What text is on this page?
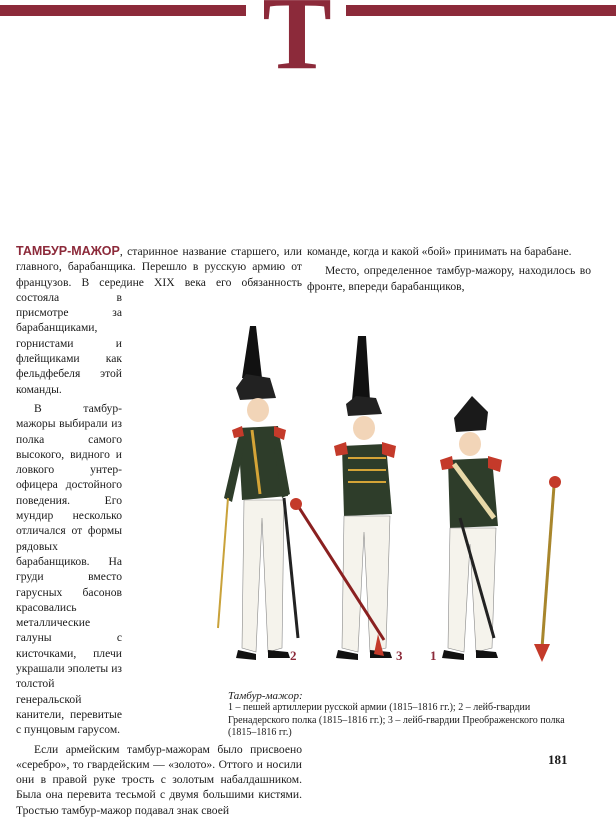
Т

ТАМБУР-МАЖОР, старинное название старшего, или главного, барабанщика. Перешло в русскую армию от французов. В середине XIX века его обязанность состояла в присмотре за барабанщиками, горнистами и флейщиками как фельдфебеля этой команды.

В тамбур-мажоры выбирали из полка самого высокого, видного и ловкого унтер-офицера достойного поведения. Его мундир несколько отличался от формы рядовых барабанщиков. На груди вместо гарусных басонов красовались металлические галуны с кисточками, плечи украшали эполеты из толстой генеральской канители, перевитые с пунцовым гарусом.

Если армейским тамбур-мажорам было присвоено «серебро», то гвардейским — «золото». Оттого и носили они в правой руке трость с золотым набалдашником. Была она перевита тесьмой с двумя большими кистями. Тростью тамбур-мажор подавал знак своей

команде, когда и какой «бой» принимать на барабане.

Место, определенное тамбур-мажору, находилось во фронте, впереди барабанщиков,

2	3 1
Тамбур-мажор:
1 – пешей артиллерии русской армии (1815–1816 гг.); 2 – лейб-гвардии Гренадерского полка (1815–1816 гг.); 3 – лейб-гвардии Преображенского полка (1815–1816 гг.)
181
